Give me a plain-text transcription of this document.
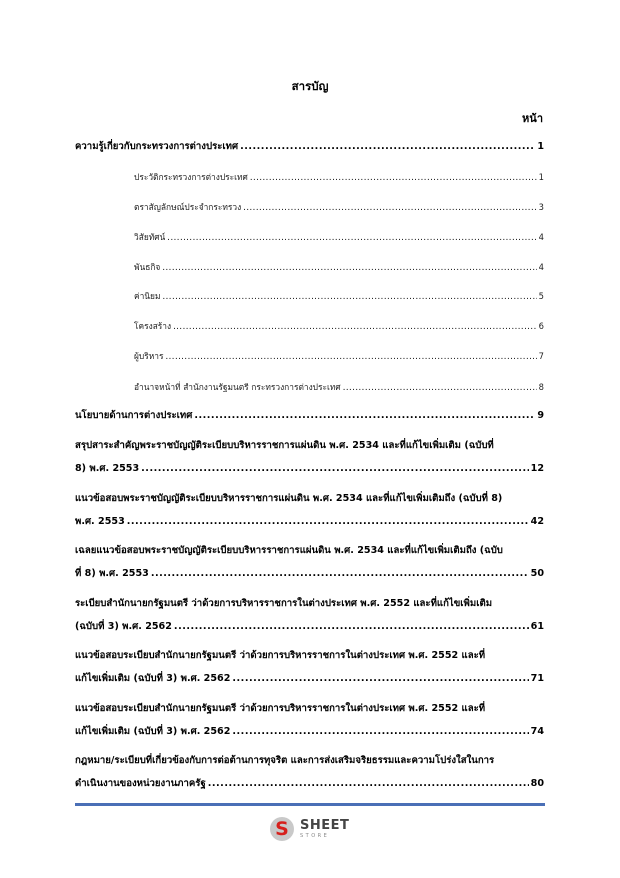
สารบัญ
หน้า
ความรู้เกี่ยวกับกระทรวงการต่างประเทศ .....	1
ประวัติกระทรวงการต่างประเทศ .....	1
ตราสัญลักษณ์ประจำกระทรวง .....	3
วิสัยทัศน์ .....	4
พันธกิจ .....	4
ค่านิยม .....	5
โครงสร้าง .....	6
ผู้บริหาร .....	7
อำนาจหน้าที่ สำนักงานรัฐมนตรี กระทรวงการต่างประเทศ .....	8
นโยบายด้านการต่างประเทศ .....	9
สรุปสาระสำคัญพระราชบัญญัติระเบียบบริหารราชการแผ่นดิน พ.ศ. 2534 และที่แก้ไขเพิ่มเติม (ฉบับที่
8) พ.ศ. 2553 .....	12
แนวข้อสอบพระราชบัญญัติระเบียบบริหารราชการแผ่นดิน พ.ศ. 2534 และที่แก้ไขเพิ่มเติมถึง (ฉบับที่ 8)
พ.ศ. 2553 .....	42
เฉลยแนวข้อสอบพระราชบัญญัติระเบียบบริหารราชการแผ่นดิน พ.ศ. 2534 และที่แก้ไขเพิ่มเติมถึง (ฉบับ
ที่ 8) พ.ศ. 2553 .....	50
ระเบียบสำนักนายกรัฐมนตรี ว่าด้วยการบริหารราชการในต่างประเทศ พ.ศ. 2552 และที่แก้ไขเพิ่มเติม
(ฉบับที่ 3) พ.ศ. 2562 .....	61
แนวข้อสอบระเบียบสำนักนายกรัฐมนตรี ว่าด้วยการบริหารราชการในต่างประเทศ พ.ศ. 2552 และที่
แก้ไขเพิ่มเติม (ฉบับที่ 3) พ.ศ. 2562 .....	71
แนวข้อสอบระเบียบสำนักนายกรัฐมนตรี ว่าด้วยการบริหารราชการในต่างประเทศ พ.ศ. 2552 และที่
แก้ไขเพิ่มเติม (ฉบับที่ 3) พ.ศ. 2562 .....	74
กฎหมาย/ระเบียบที่เกี่ยวข้องกับการต่อต้านการทุจริต และการส่งเสริมจริยธรรมและความโปร่งใสในการ
ดำเนินงานของหน่วยงานภาครัฐ .....	80
S SHEET
STORE
